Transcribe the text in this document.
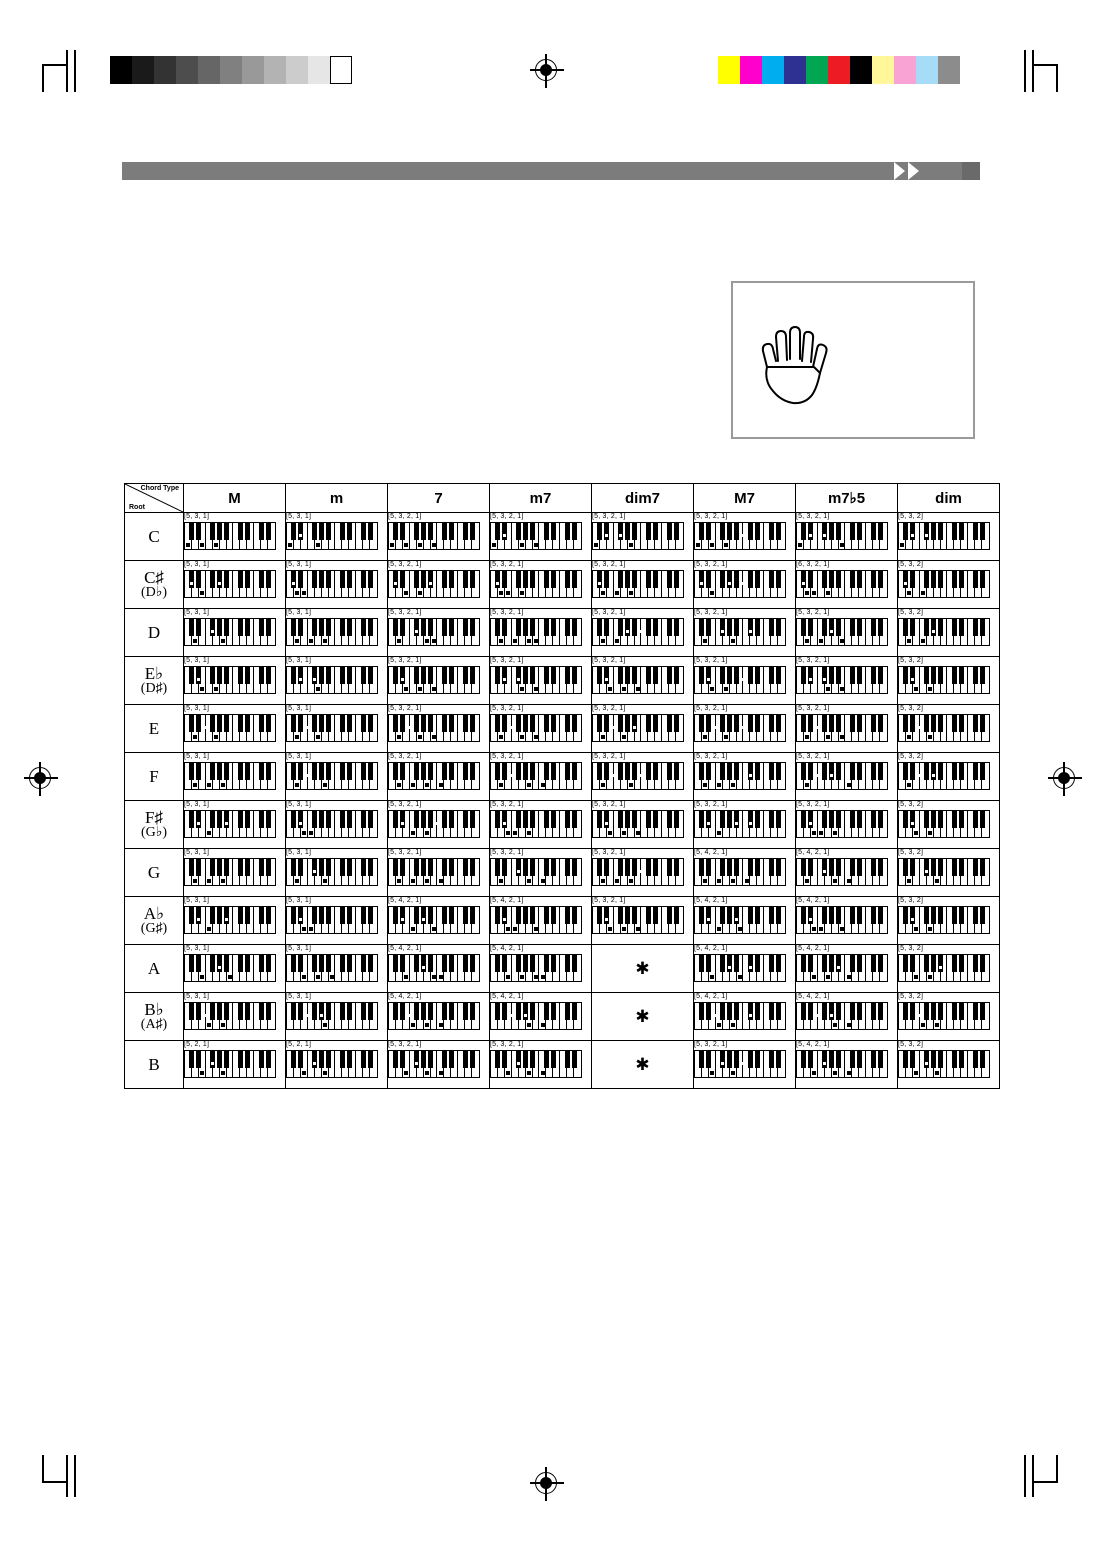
Chord Type
Root	M	m	7	m7	dim7	M7	m7♭5	dim
C	[5, 3, 1]	[5, 3, 1]	[5, 3, 2, 1]	[5, 3, 2, 1]	[5, 3, 2, 1]	[5, 3, 2, 1]	[5, 3, 2, 1]	[5, 3, 2]

C♯
(D♭)	[5, 3, 1]	[5, 3, 1]	[5, 3, 2, 1]	[5, 3, 2, 1]	[5, 3, 2, 1]	[5, 3, 2, 1]	[6, 3, 2, 1]	[5, 3, 2]

D	[5, 3, 1]	[5, 3, 1]	[5, 3, 2, 1]	[5, 3, 2, 1]	[5, 3, 2, 1]	[5, 3, 2, 1]	[5, 3, 2, 1]	[5, 3, 2]

E♭
(D♯)	[5, 3, 1]	[5, 3, 1]	[5, 3, 2, 1]	[5, 3, 2, 1]	[5, 3, 2, 1]	[5, 3, 2, 1]	[5, 3, 2, 1]	[5, 3, 2]

E	[5, 3, 1]	[5, 3, 1]	[5, 3, 2, 1]	[5, 3, 2, 1]	[5, 3, 2, 1]	[5, 3, 2, 1]	[5, 3, 2, 1]	[5, 3, 2]

F	[5, 3, 1]	[5, 3, 1]	[5, 3, 2, 1]	[5, 3, 2, 1]	[5, 3, 2, 1]	[5, 3, 2, 1]	[5, 3, 2, 1]	[5, 3, 2]

F♯
(G♭)	[5, 3, 1]	[5, 3, 1]	[5, 3, 2, 1]	[5, 3, 2, 1]	[5, 3, 2, 1]	[5, 3, 2, 1]	[5, 3, 2, 1]	[5, 3, 2]

G	[5, 3, 1]	[5, 3, 1]	[5, 3, 2, 1]	[5, 3, 2, 1]	[5, 3, 2, 1]	[5, 4, 2, 1]	[5, 4, 2, 1]	[5, 3, 2]

A♭
(G♯)	[5, 3, 1]	[5, 3, 1]	[5, 4, 2, 1]	[5, 4, 2, 1]	[5, 3, 2, 1]	[5, 4, 2, 1]	[5, 4, 2, 1]	[5, 3, 2]

A	[5, 3, 1]	[5, 3, 1]	[5, 4, 2, 1]	[5, 4, 2, 1]	✱	[5, 4, 2, 1]	[5, 4, 2, 1]	[5, 3, 2]

B♭
(A♯)	[5, 3, 1]	[5, 3, 1]	[5, 4, 2, 1]	[5, 4, 2, 1]	✱	[5, 4, 2, 1]	[5, 4, 2, 1]	[5, 3, 2]

B	[5, 2, 1]	[5, 2, 1]	[5, 3, 2, 1]	[5, 3, 2, 1]	✱	[5, 3, 2, 1]	[5, 4, 2, 1]	[5, 3, 2]
